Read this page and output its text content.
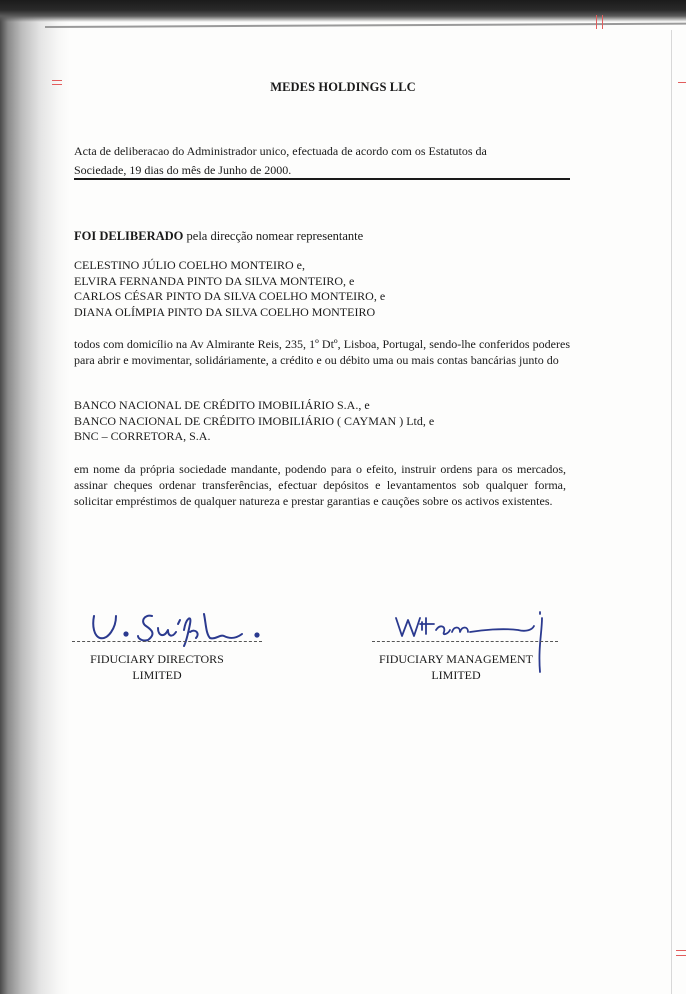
MEDES HOLDINGS LLC

Acta de deliberacao do Administrador unico, efectuada de acordo com os Estatutos da

Sociedade, 19 dias do mês de Junho de 2000.

FOI DELIBERADO pela direcção nomear representante

CELESTINO JÚLIO COELHO MONTEIRO e,

ELVIRA FERNANDA PINTO DA SILVA MONTEIRO, e

CARLOS CÉSAR PINTO DA SILVA COELHO MONTEIRO, e

DIANA OLÍMPIA PINTO DA SILVA COELHO MONTEIRO

todos com domicílio na Av Almirante Reis, 235, 1º Dtº, Lisboa, Portugal, sendo-lhe conferidos poderes para abrir e movimentar, solidáriamente, a crédito e ou débito uma ou mais contas bancárias junto do

BANCO NACIONAL DE CRÉDITO IMOBILIÁRIO S.A., e

BANCO NACIONAL DE CRÉDITO IMOBILIÁRIO ( CAYMAN ) Ltd, e

BNC – CORRETORA, S.A.

em nome da própria sociedade mandante, podendo para o efeito, instruir ordens para os mercados, assinar cheques ordenar transferências, efectuar depósitos e levantamentos sob qualquer forma, solicitar empréstimos de qualquer natureza e prestar garantias e cauções sobre os activos existentes.

FIDUCIARY DIRECTORS
LIMITED
FIDUCIARY MANAGEMENT
LIMITED
